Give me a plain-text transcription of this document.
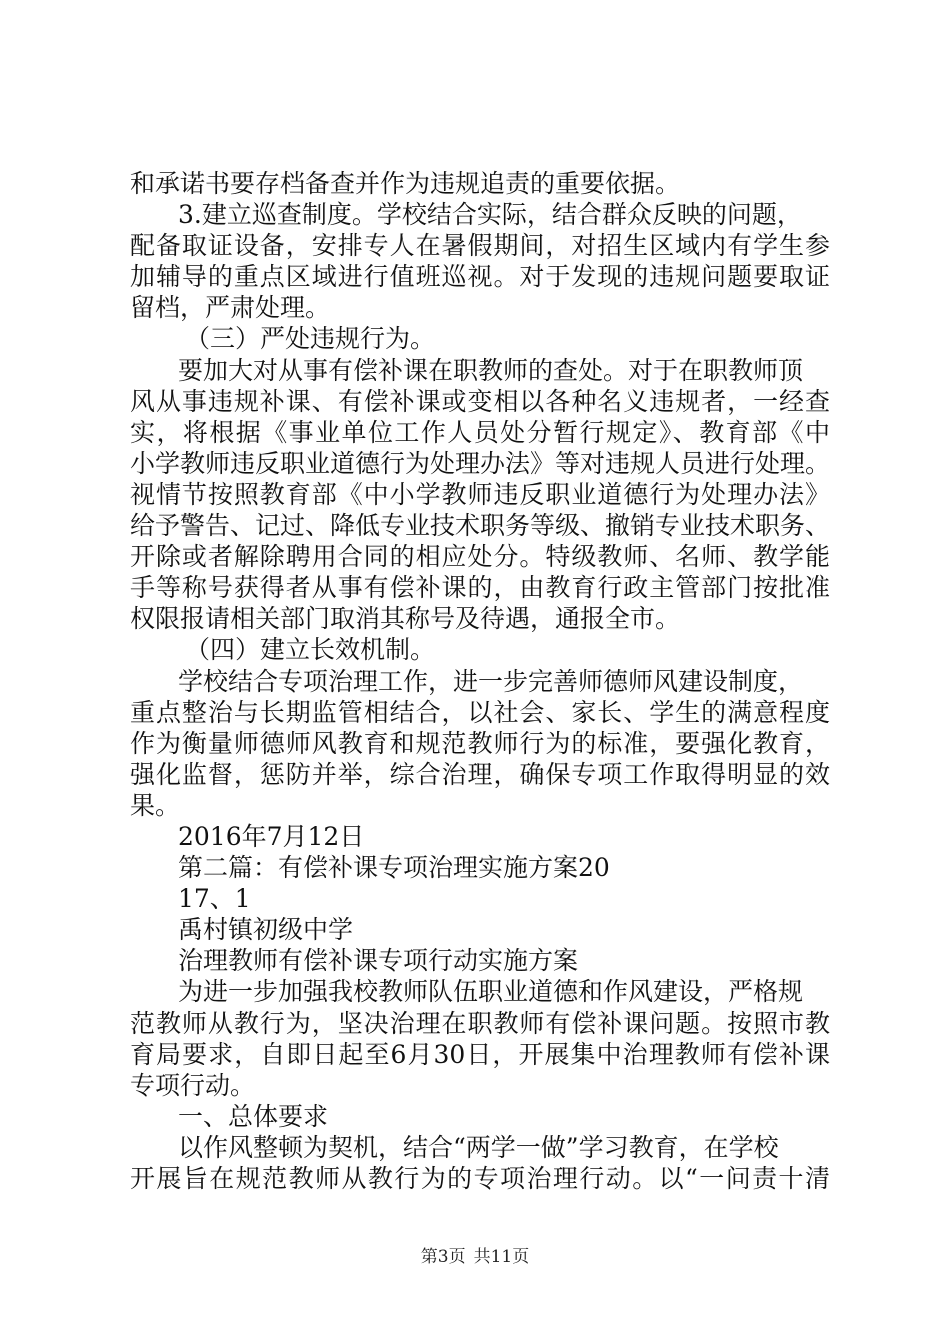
和承诺书要存档备查并作为违规追责的重要依据。
3.建立巡查制度。学校结合实际，结合群众反映的问题，
配备取证设备，安排专人在暑假期间，对招生区域内有学生参
加辅导的重点区域进行值班巡视。对于发现的违规问题要取证
留档，严肃处理。
（三）严处违规行为。
要加大对从事有偿补课在职教师的查处。对于在职教师顶
风从事违规补课、有偿补课或变相以各种名义违规者，一经查
实，将根据《事业单位工作人员处分暂行规定》、教育部《中
小学教师违反职业道德行为处理办法》等对违规人员进行处理。
视情节按照教育部《中小学教师违反职业道德行为处理办法》
给予警告、记过、降低专业技术职务等级、撤销专业技术职务、
开除或者解除聘用合同的相应处分。特级教师、名师、教学能
手等称号获得者从事有偿补课的，由教育行政主管部门按批准
权限报请相关部门取消其称号及待遇，通报全市。
（四）建立长效机制。
学校结合专项治理工作，进一步完善师德师风建设制度，
重点整治与长期监管相结合，以社会、家长、学生的满意程度
作为衡量师德师风教育和规范教师行为的标准，要强化教育，
强化监督，惩防并举，综合治理，确保专项工作取得明显的效
果。
2016年7月12日
第二篇：有偿补课专项治理实施方案20
17、1
禹村镇初级中学
治理教师有偿补课专项行动实施方案
为进一步加强我校教师队伍职业道德和作风建设，严格规
范教师从教行为，坚决治理在职教师有偿补课问题。按照市教
育局要求，自即日起至6月30日，开展集中治理教师有偿补课
专项行动。
一、总体要求
以作风整顿为契机，结合“两学一做”学习教育，在学校
开展旨在规范教师从教行为的专项治理行动。以“一问责十清
第3页 共11页
